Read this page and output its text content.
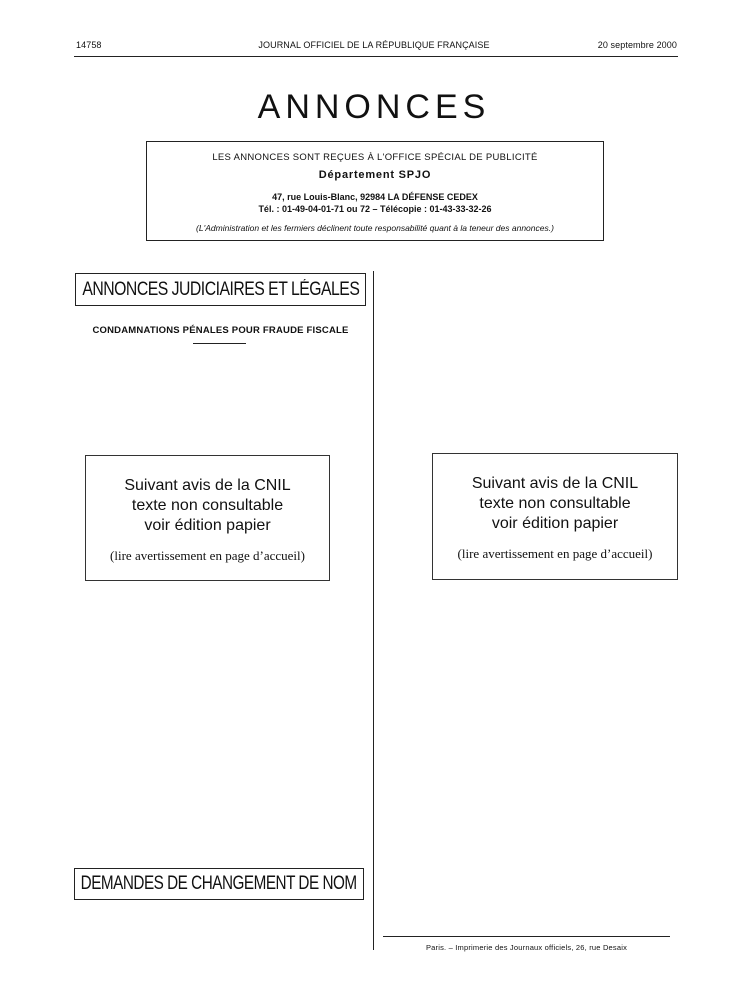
14758	JOURNAL OFFICIEL DE LA RÉPUBLIQUE FRANÇAISE	20 septembre 2000
ANNONCES
LES ANNONCES SONT REÇUES À L'OFFICE SPÉCIAL DE PUBLICITÉ
Département SPJO
47, rue Louis-Blanc, 92984 LA DÉFENSE CEDEX
Tél. : 01-49-04-01-71 ou 72 – Télécopie : 01-43-33-32-26
(L'Administration et les fermiers déclinent toute responsabilité quant à la teneur des annonces.)
ANNONCES JUDICIAIRES ET LÉGALES
CONDAMNATIONS PÉNALES POUR FRAUDE FISCALE
Suivant avis de la CNIL
texte non consultable
voir édition papier
(lire avertissement en page d’accueil)
DEMANDES DE CHANGEMENT DE NOM
Suivant avis de la CNIL
texte non consultable
voir édition papier
(lire avertissement en page d’accueil)
Paris. – Imprimerie des Journaux officiels, 26, rue Desaix
